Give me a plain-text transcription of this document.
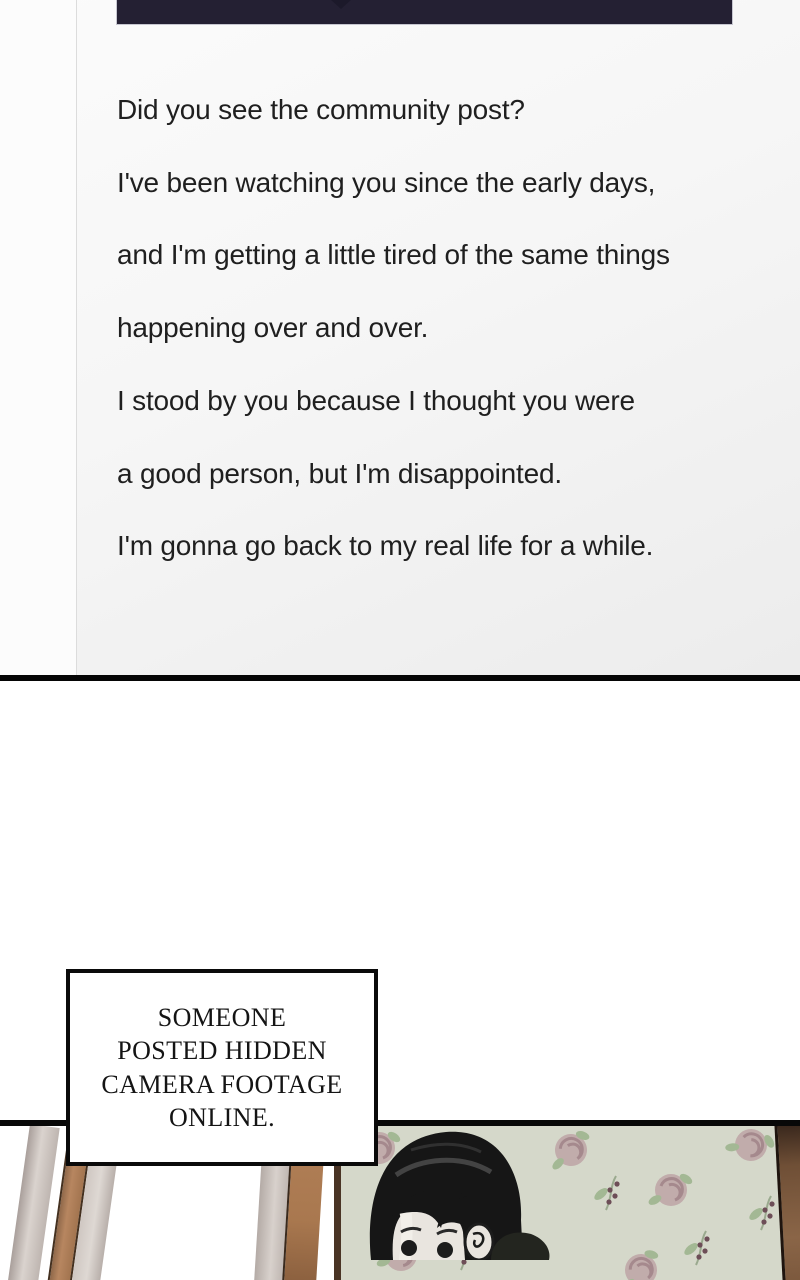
Did you see the community post?
I've been watching you since the early days,
and I'm getting a little tired of the same things
happening over and over.
I stood by you because I thought you were
a good person, but I'm disappointed.
I'm gonna go back to my real life for a while.
SOMEONE
POSTED HIDDEN
CAMERA FOOTAGE
ONLINE.
